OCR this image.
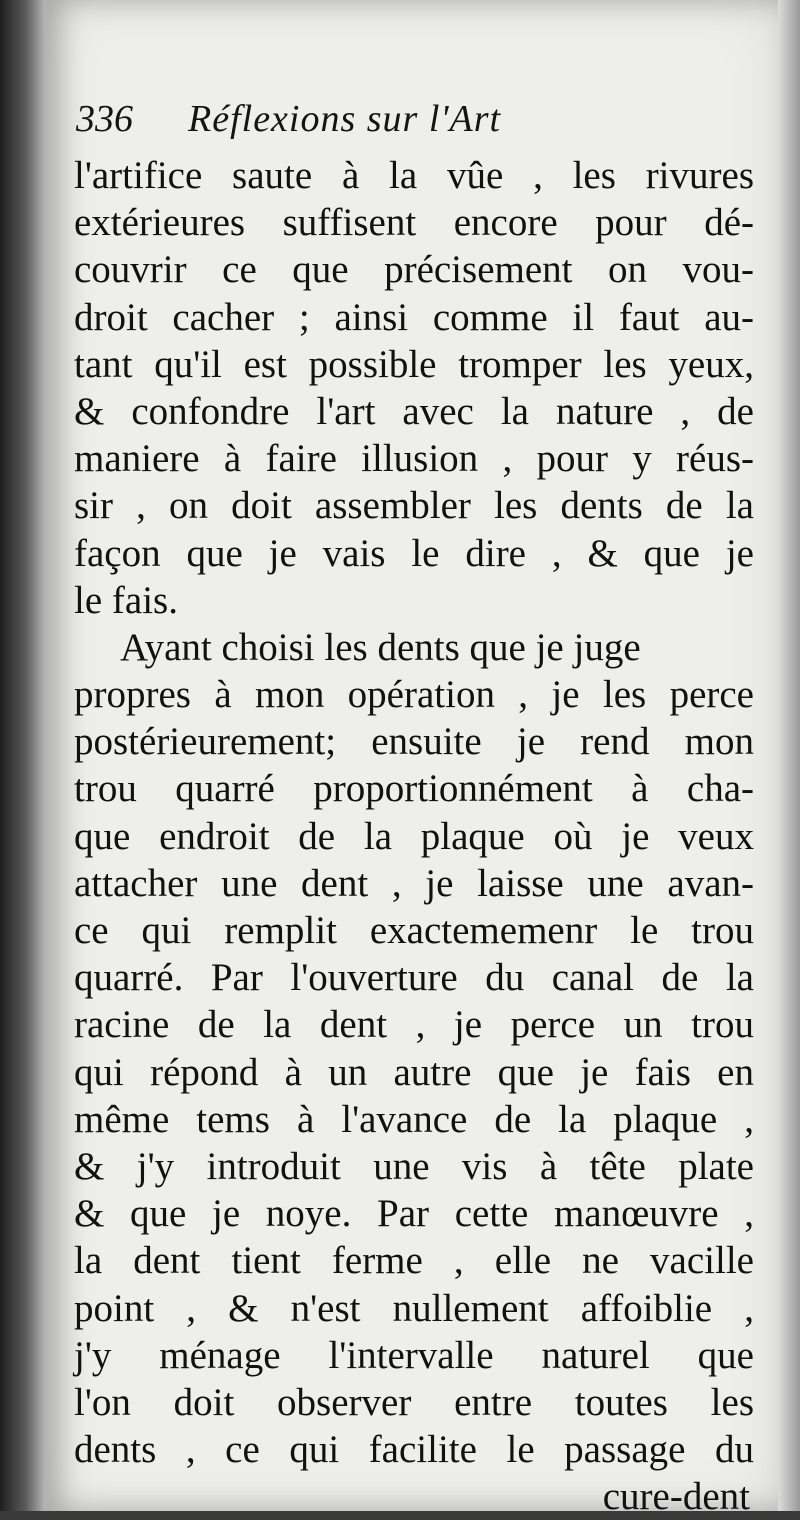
336 Réflexions sur l'Art
l'artifice saute à la vûe , les rivures
extérieures suffisent encore pour dé-
couvrir ce que précisement on vou-
droit cacher ; ainsi comme il faut au-
tant qu'il est possible tromper les yeux,
& confondre l'art avec la nature , de
maniere à faire illusion , pour y réus-
sir , on doit assembler les dents de la
façon que je vais le dire , & que je
le fais.
Ayant choisi les dents que je juge
propres à mon opération , je les perce
postérieurement; ensuite je rend mon
trou quarré proportionnément à cha-
que endroit de la plaque où je veux
attacher une dent , je laisse une avan-
ce qui remplit exactememenr le trou
quarré. Par l'ouverture du canal de la
racine de la dent , je perce un trou
qui répond à un autre que je fais en
même tems à l'avance de la plaque ,
& j'y introduit une vis à tête plate
& que je noye. Par cette manœuvre ,
la dent tient ferme , elle ne vacille
point , & n'est nullement affoiblie ,
j'y ménage l'intervalle naturel que
l'on doit observer entre toutes les
dents , ce qui facilite le passage du
cure-dent
